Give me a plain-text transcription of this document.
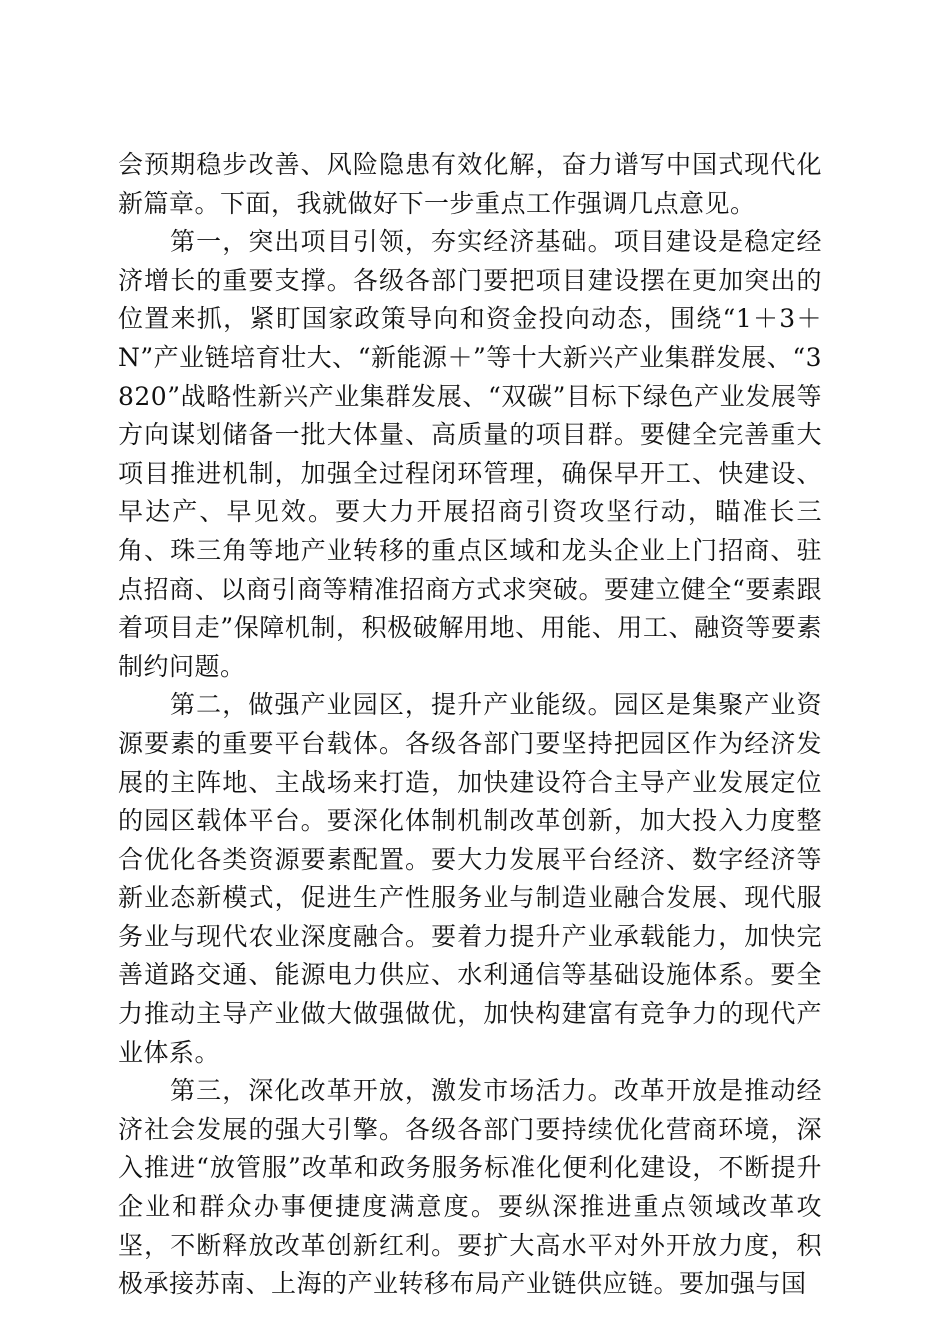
会预期稳步改善、风险隐患有效化解，奋力谱写中国式现代化新篇章。下面，我就做好下一步重点工作强调几点意见。

第一，突出项目引领，夯实经济基础。项目建设是稳定经济增长的重要支撑。各级各部门要把项目建设摆在更加突出的位置来抓，紧盯国家政策导向和资金投向动态，围绕“1＋3＋N”产业链培育壮大、“新能源＋”等十大新兴产业集群发展、“3820”战略性新兴产业集群发展、“双碳”目标下绿色产业发展等方向谋划储备一批大体量、高质量的项目群。要健全完善重大项目推进机制，加强全过程闭环管理，确保早开工、快建设、早达产、早见效。要大力开展招商引资攻坚行动，瞄准长三角、珠三角等地产业转移的重点区域和龙头企业上门招商、驻点招商、以商引商等精准招商方式求突破。要建立健全“要素跟着项目走”保障机制，积极破解用地、用能、用工、融资等要素制约问题。

第二，做强产业园区，提升产业能级。园区是集聚产业资源要素的重要平台载体。各级各部门要坚持把园区作为经济发展的主阵地、主战场来打造，加快建设符合主导产业发展定位的园区载体平台。要深化体制机制改革创新，加大投入力度整合优化各类资源要素配置。要大力发展平台经济、数字经济等新业态新模式，促进生产性服务业与制造业融合发展、现代服务业与现代农业深度融合。要着力提升产业承载能力，加快完善道路交通、能源电力供应、水利通信等基础设施体系。要全力推动主导产业做大做强做优，加快构建富有竞争力的现代产业体系。

第三，深化改革开放，激发市场活力。改革开放是推动经济社会发展的强大引擎。各级各部门要持续优化营商环境，深入推进“放管服”改革和政务服务标准化便利化建设，不断提升企业和群众办事便捷度满意度。要纵深推进重点领域改革攻坚，不断释放改革创新红利。要扩大高水平对外开放力度，积极承接苏南、上海的产业转移布局产业链供应链。要加强与国
